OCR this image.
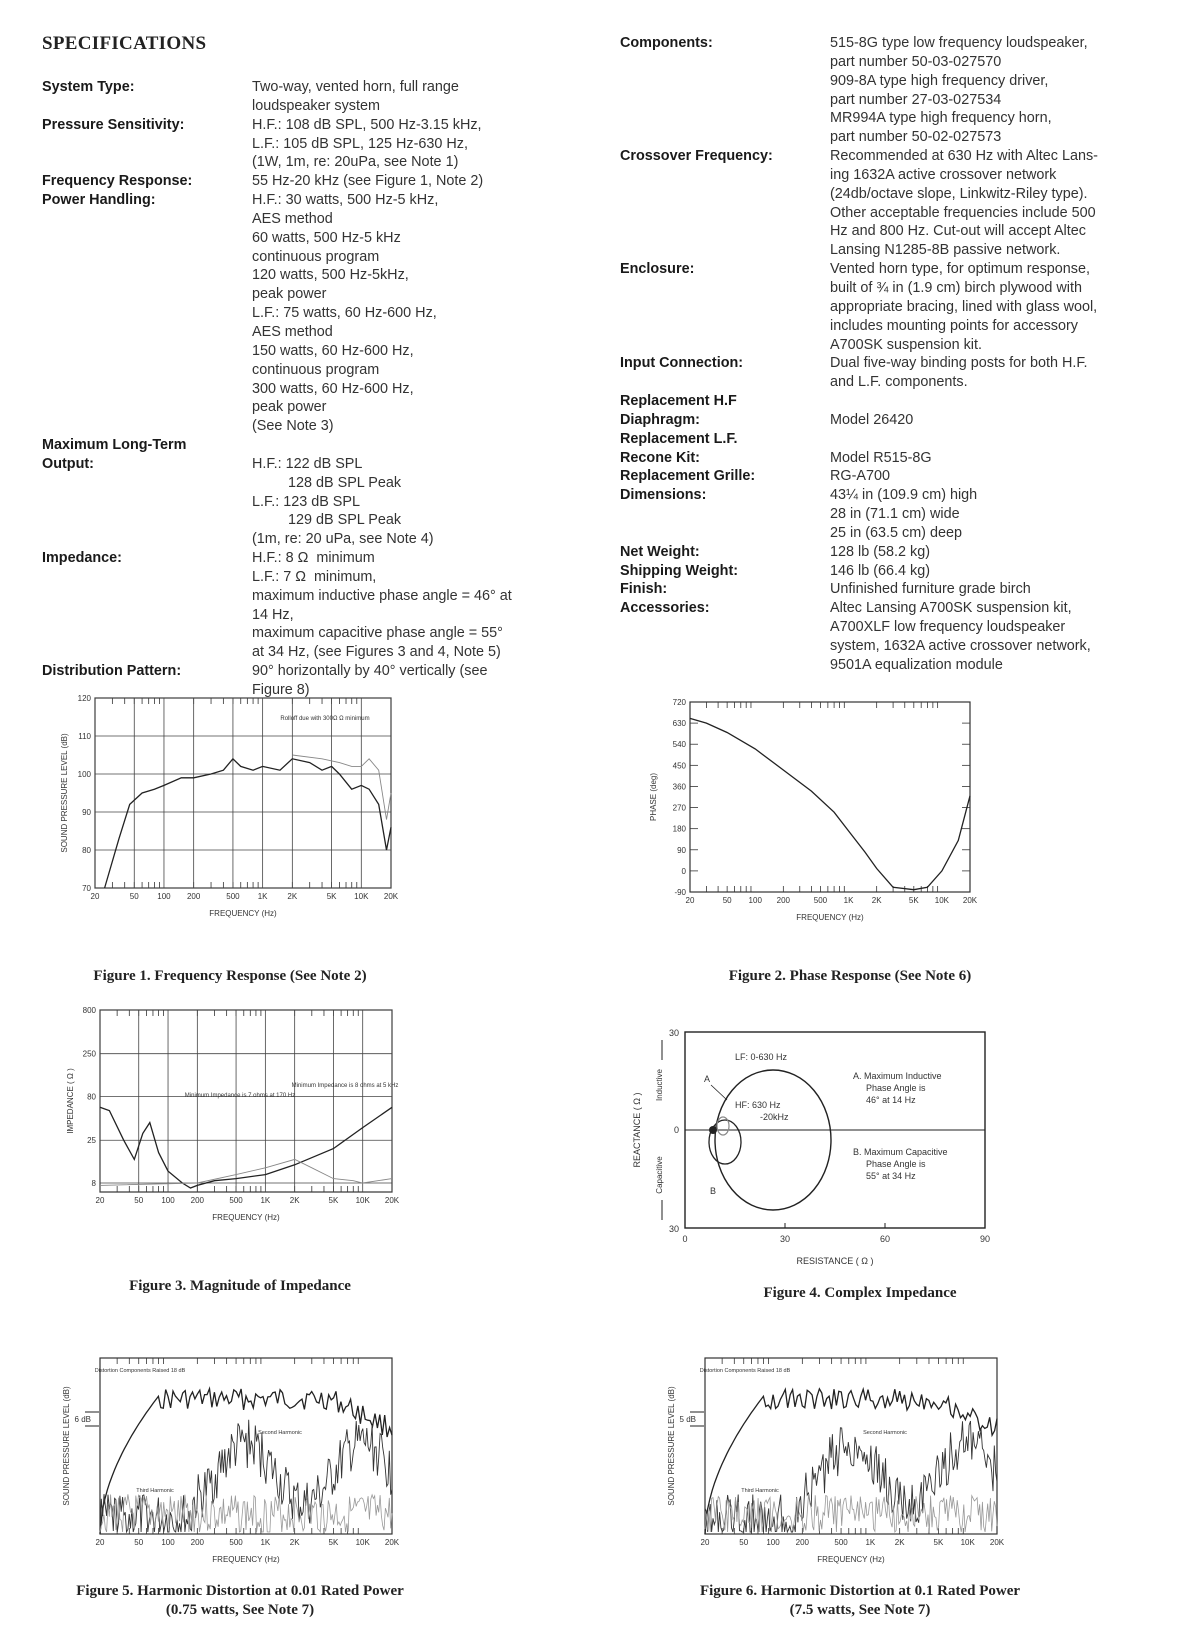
SPECIFICATIONS
System Type:	Two-way, vented horn, full range
loudspeaker system
Pressure Sensitivity:	H.F.: 108 dB SPL, 500 Hz-3.15 kHz,
L.F.: 105 dB SPL, 125 Hz-630 Hz,
(1W, 1m, re: 20uPa, see Note 1)
Frequency Response:	55 Hz-20 kHz (see Figure 1, Note 2)
Power Handling:	H.F.: 30 watts, 500 Hz-5 kHz,
AES method
60 watts, 500 Hz-5 kHz
continuous program
120 watts, 500 Hz-5kHz,
peak power
L.F.: 75 watts, 60 Hz-600 Hz,
AES method
150 watts, 60 Hz-600 Hz,
continuous program
300 watts, 60 Hz-600 Hz,
peak power
(See Note 3)
Maximum Long-Term
Output:	H.F.: 122 dB SPL
128 dB SPL Peak
L.F.: 123 dB SPL
129 dB SPL Peak
(1m, re: 20 uPa, see Note 4)
Impedance:	H.F.: 8 Ω  minimum
L.F.: 7 Ω  minimum,
maximum inductive phase angle = 46° at
14 Hz,
maximum capacitive phase angle = 55°
at 34 Hz, (see Figures 3 and 4, Note 5)
Distribution Pattern:	90° horizontally by 40° vertically (see
Figure 8)
Components:	515-8G type low frequency loudspeaker,
part number 50-03-027570
909-8A type high frequency driver,
part number 27-03-027534
MR994A type high frequency horn,
part number 50-02-027573
Crossover Frequency:	Recommended at 630 Hz with Altec Lans-
ing 1632A active crossover network
(24db/octave slope, Linkwitz-Riley type).
Other acceptable frequencies include 500
Hz and 800 Hz. Cut-out will accept Altec
Lansing N1285-8B passive network.
Enclosure:	Vented horn type, for optimum response,
built of ¾ in (1.9 cm) birch plywood with
appropriate bracing, lined with glass wool,
includes mounting points for accessory
A700SK suspension kit.
Input Connection:	Dual five-way binding posts for both H.F.
and L.F. components.
Replacement H.F
Diaphragm:	Model 26420
Replacement L.F.
Recone Kit:	Model R515-8G
Replacement Grille:	RG-A700
Dimensions:	43¼ in (109.9 cm) high
28 in (71.1 cm) wide
25 in (63.5 cm) deep
Net Weight:	128 lb (58.2 kg)
Shipping Weight:	146 lb (66.4 kg)
Finish:	Unfinished furniture grade birch
Accessories:	Altec Lansing A700SK suspension kit,
A700XLF low frequency loudspeaker
system, 1632A active crossover network,
9501A equalization module
20	50 100 200	500 1K 2K	5K 10K 20K
FREQUENCY (Hz)
120
110
100
90
80
70
SOUND PRESSURE LEVEL (dB)
Rolloff due with 300Ω Ω minimum
Figure 1. Frequency Response (See Note 2)
20	50 100 200	500 1K 2K	5K 10K 20K
FREQUENCY (Hz)
720
630
540
450
360
270
180
90
0
-90
PHASE (deg)
Figure 2. Phase Response (See Note 6)
20	50 100 200	500 1K 2K	5K 10K 20K
FREQUENCY (Hz)
800
250
80
25
8
IMPEDANCE ( Ω )	Minimum Impedance is 7 ohms at 170 Hz
Minimum Impedance is 8 ohms at 5 kHz
Figure 3. Magnitude of Impedance
0	30	60	90
30
0
30
RESISTANCE ( Ω )
REACTANCE ( Ω )
Inductive
Capacitive
LF: 0-630 Hz
HF: 630 Hz
-20kHz
A
B
A. Maximum Inductive
Phase Angle is
46° at 14 Hz
B. Maximum Capacitive
Phase Angle is
55° at 34 Hz
Figure 4. Complex Impedance
20	50 100 200	500 1K 2K	5K 10K 20K
FREQUENCY (Hz)
SOUND PRESSURE LEVEL (dB) 6 dB
Distortion Components Raised 18 dB
Second Harmonic
Third Harmonic
Figure 5. Harmonic Distortion at 0.01 Rated Power
(0.75 watts, See Note 7)
20	50 100 200	500 1K 2K	5K 10K 20K
FREQUENCY (Hz)
SOUND PRESSURE LEVEL (dB) 5 dB
Distortion Components Raised 18 dB
Second Harmonic
Third Harmonic
Figure 6. Harmonic Distortion at 0.1 Rated Power
(7.5 watts, See Note 7)
